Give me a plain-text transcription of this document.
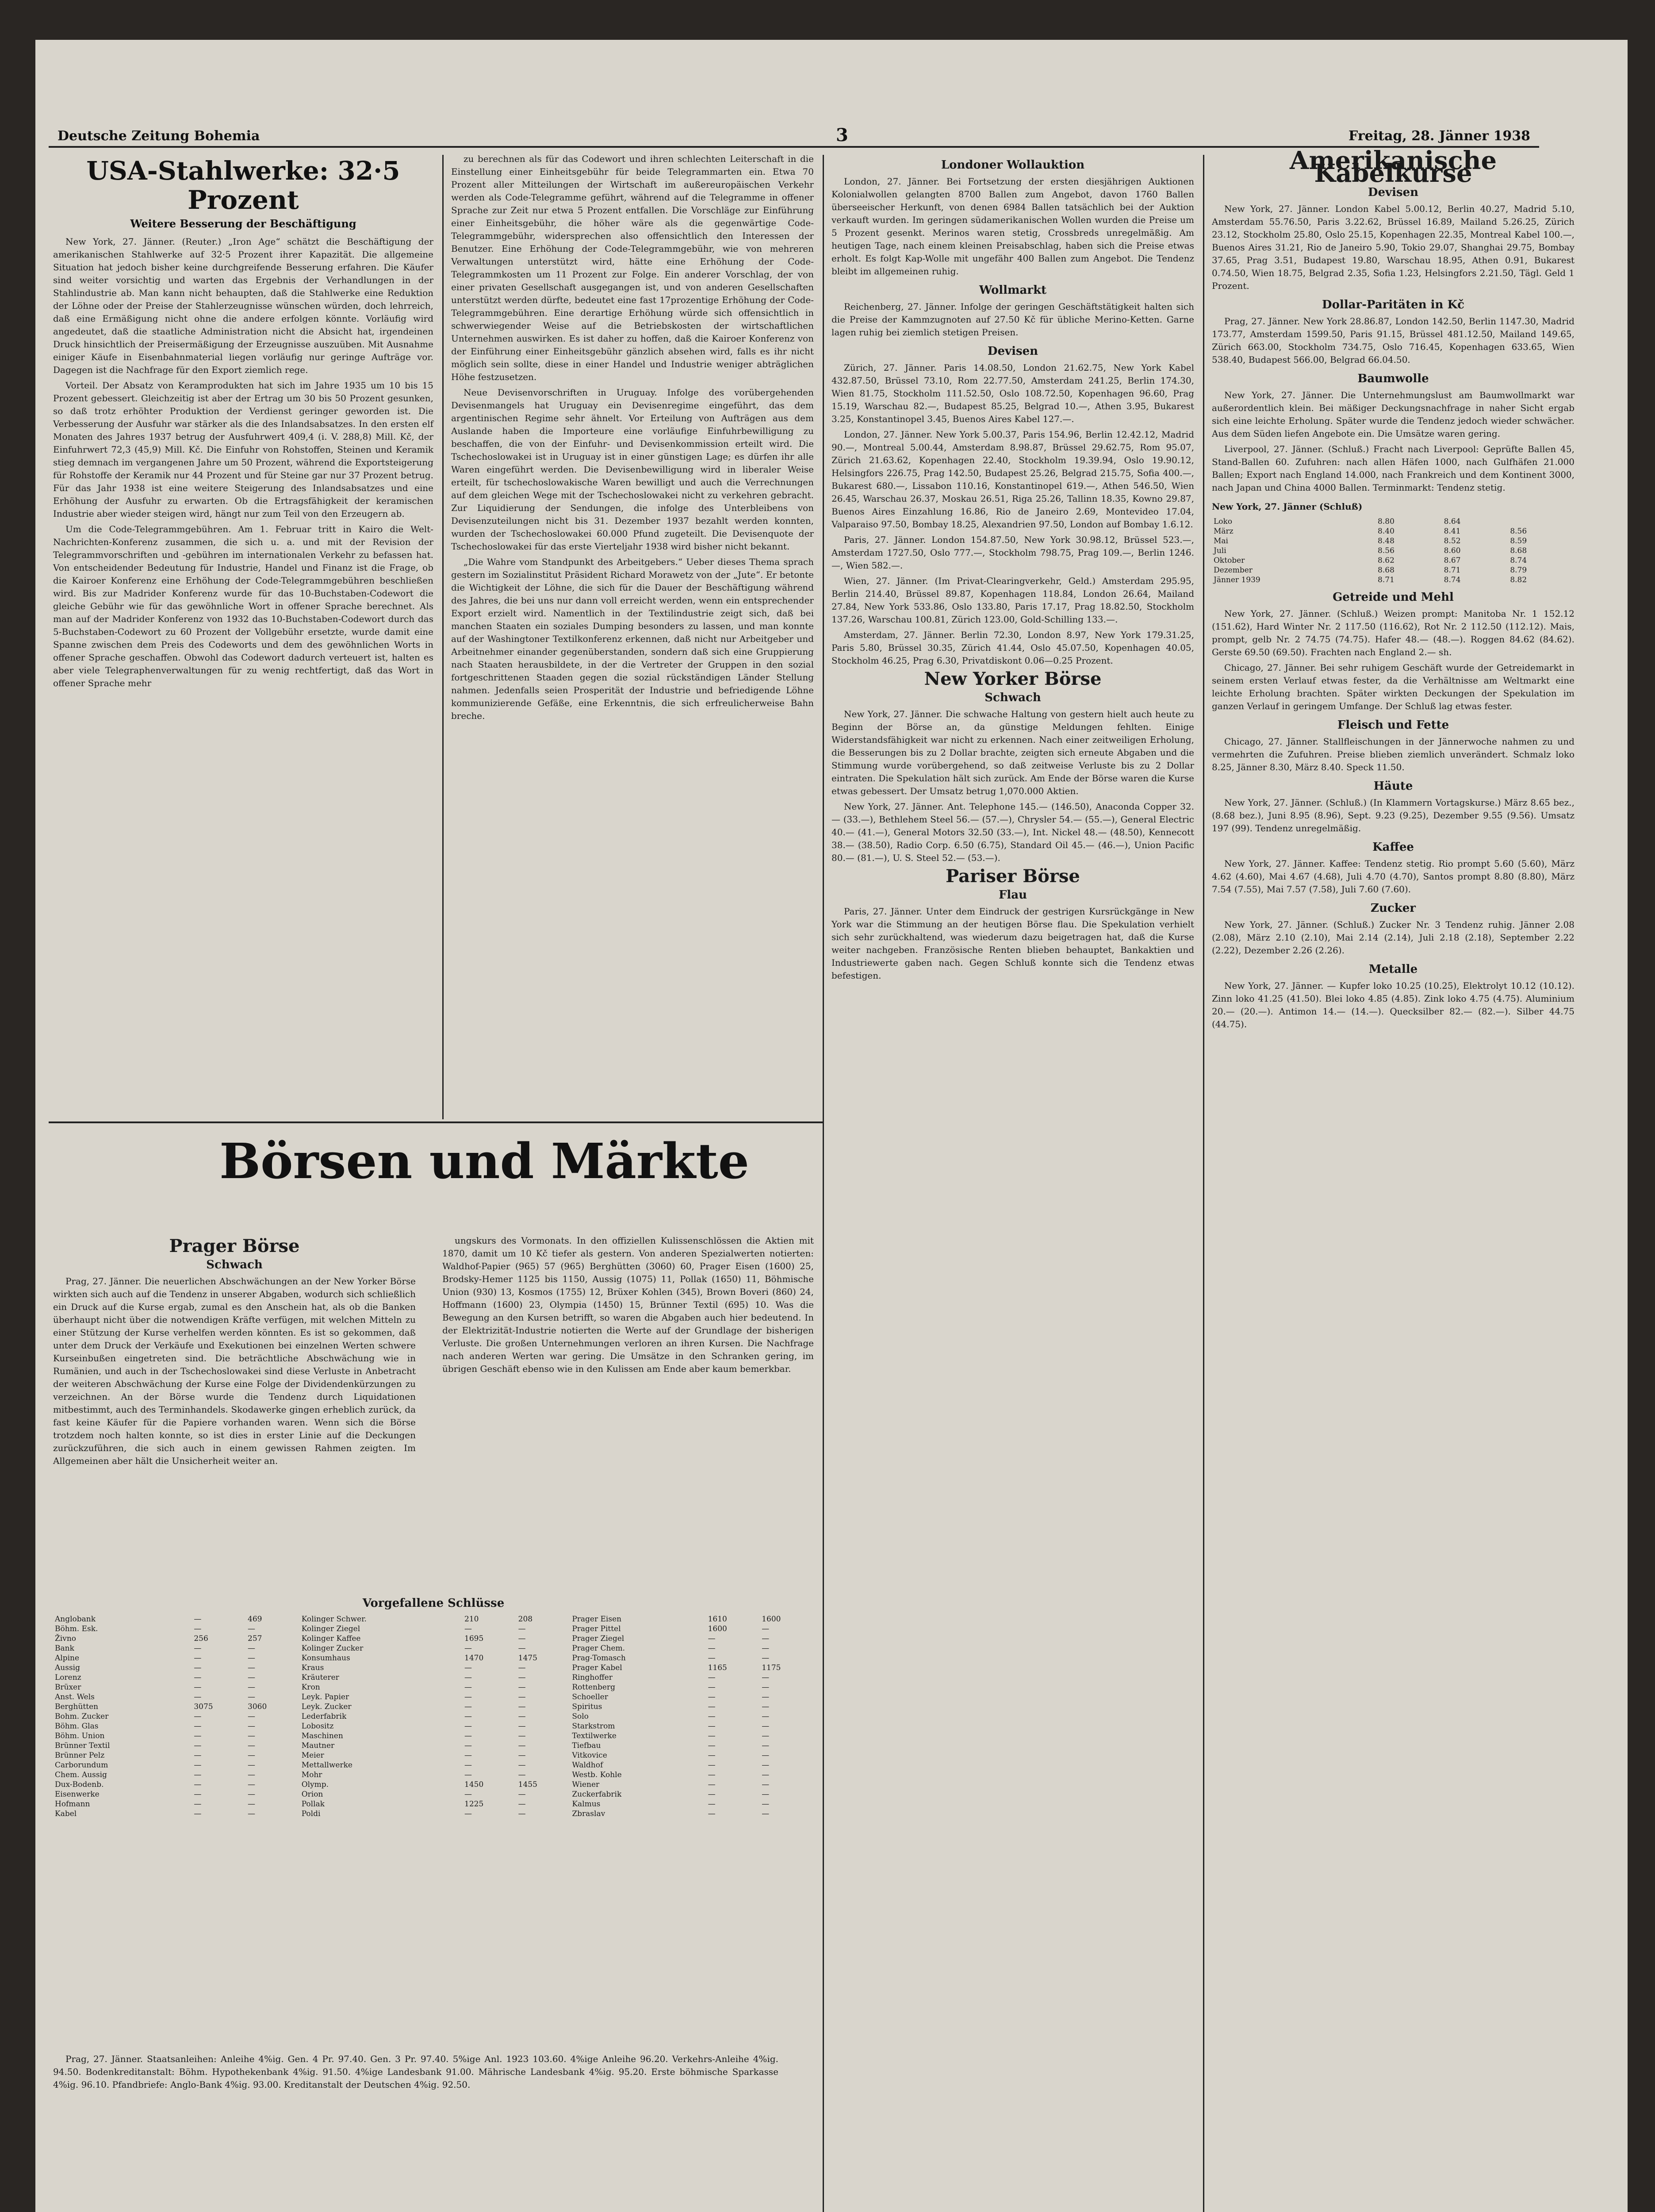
Deutsche Zeitung Bohemia	3	Freitag, 28. Jänner 1938
USA-Stahlwerke: 32·5 Prozent
Weitere Besserung der Beschäftigung

New York, 27. Jänner. (Reuter.) „Iron Age“ schätzt die Beschäftigung der amerikanischen Stahlwerke auf 32·5 Prozent ihrer Kapazität. Die allgemeine Situation hat jedoch bisher keine durchgreifende Besserung erfahren. Die Käufer sind weiter vorsichtig und warten das Ergebnis der Verhandlungen in der Stahlindustrie ab. Man kann nicht behaupten, daß die Stahlwerke eine Reduktion der Löhne oder der Preise der Stahlerzeugnisse wünschen würden, doch lehrreich, daß eine Ermäßigung nicht ohne die andere erfolgen könnte. Vorläufig wird angedeutet, daß die staatliche Administration nicht die Absicht hat, irgendeinen Druck hinsichtlich der Preisermäßigung der Erzeugnisse auszuüben. Mit Ausnahme einiger Käufe in Eisenbahnmaterial liegen vorläufig nur geringe Aufträge vor. Dagegen ist die Nachfrage für den Export ziemlich rege.

Vorteil. Der Absatz von Keramprodukten hat sich im Jahre 1935 um 10 bis 15 Prozent gebessert. Gleichzeitig ist aber der Ertrag um 30 bis 50 Prozent gesunken, so daß trotz erhöhter Produktion der Verdienst geringer geworden ist. Die Verbesserung der Ausfuhr war stärker als die des Inlandsabsatzes. In den ersten elf Monaten des Jahres 1937 betrug der Ausfuhrwert 409,4 (i. V. 288,8) Mill. Kč, der Einfuhrwert 72,3 (45,9) Mill. Kč. Die Einfuhr von Rohstoffen, Steinen und Keramik stieg demnach im vergangenen Jahre um 50 Prozent, während die Exportsteigerung für Rohstoffe der Keramik nur 44 Prozent und für Steine gar nur 37 Prozent betrug. Für das Jahr 1938 ist eine weitere Steigerung des Inlandsabsatzes und eine Erhöhung der Ausfuhr zu erwarten. Ob die Ertragsfähigkeit der keramischen Industrie aber wieder steigen wird, hängt nur zum Teil von den Erzeugern ab.

Um die Code-Telegrammgebühren. Am 1. Februar tritt in Kairo die Welt-Nachrichten-Konferenz zusammen, die sich u. a. und mit der Revision der Telegrammvorschriften und -gebühren im internationalen Verkehr zu befassen hat. Von entscheidender Bedeutung für Industrie, Handel und Finanz ist die Frage, ob die Kairoer Konferenz eine Erhöhung der Code-Telegrammgebühren beschließen wird. Bis zur Madrider Konferenz wurde für das 10-Buchstaben-Codewort die gleiche Gebühr wie für das gewöhnliche Wort in offener Sprache berechnet. Als man auf der Madrider Konferenz von 1932 das 10-Buchstaben-Codewort durch das 5-Buchstaben-Codewort zu 60 Prozent der Vollgebühr ersetzte, wurde damit eine Spanne zwischen dem Preis des Codeworts und dem des gewöhnlichen Worts in offener Sprache geschaffen. Obwohl das Codewort dadurch verteuert ist, halten es aber viele Telegraphenverwaltungen für zu wenig rechtfertigt, daß das Wort in offener Sprache mehr

zu berechnen als für das Codewort und ihren schlechten Leiterschaft in die Einstellung einer Einheitsgebühr für beide Telegrammarten ein. Etwa 70 Prozent aller Mitteilungen der Wirtschaft im außereuropäischen Verkehr werden als Code-Telegramme geführt, während auf die Telegramme in offener Sprache zur Zeit nur etwa 5 Prozent entfallen. Die Vorschläge zur Einführung einer Einheitsgebühr, die höher wäre als die gegenwärtige Code-Telegrammgebühr, widersprechen also offensichtlich den Interessen der Benutzer. Eine Erhöhung der Code-Telegrammgebühr, wie von mehreren Verwaltungen unterstützt wird, hätte eine Erhöhung der Code-Telegrammkosten um 11 Prozent zur Folge. Ein anderer Vorschlag, der von einer privaten Gesellschaft ausgegangen ist, und von anderen Gesellschaften unterstützt werden dürfte, bedeutet eine fast 17prozentige Erhöhung der Code-Telegrammgebühren. Eine derartige Erhöhung würde sich offensichtlich in schwerwiegender Weise auf die Betriebskosten der wirtschaftlichen Unternehmen auswirken. Es ist daher zu hoffen, daß die Kairoer Konferenz von der Einführung einer Einheitsgebühr gänzlich absehen wird, falls es ihr nicht möglich sein sollte, diese in einer Handel und Industrie weniger abträglichen Höhe festzusetzen.

Neue Devisenvorschriften in Uruguay. Infolge des vorübergehenden Devisenmangels hat Uruguay ein Devisenregime eingeführt, das dem argentinischen Regime sehr ähnelt. Vor Erteilung von Aufträgen aus dem Auslande haben die Importeure eine vorläufige Einfuhrbewilligung zu beschaffen, die von der Einfuhr- und Devisenkommission erteilt wird. Die Tschechoslowakei ist in Uruguay ist in einer günstigen Lage; es dürfen ihr alle Waren eingeführt werden. Die Devisenbewilligung wird in liberaler Weise erteilt, für tschechoslowakische Waren bewilligt und auch die Verrechnungen auf dem gleichen Wege mit der Tschechoslowakei nicht zu verkehren gebracht. Zur Liquidierung der Sendungen, die infolge des Unterbleibens von Devisenzuteilungen nicht bis 31. Dezember 1937 bezahlt werden konnten, wurden der Tschechoslowakei 60.000 Pfund zugeteilt. Die Devisenquote der Tschechoslowakei für das erste Vierteljahr 1938 wird bisher nicht bekannt.

„Die Wahre vom Standpunkt des Arbeitgebers.“ Ueber dieses Thema sprach gestern im Sozialinstitut Präsident Richard Morawetz von der „Jute“. Er betonte die Wichtigkeit der Löhne, die sich für die Dauer der Beschäftigung während des Jahres, die bei uns nur dann voll erreicht werden, wenn ein entsprechender Export erzielt wird. Namentlich in der Textilindustrie zeigt sich, daß bei manchen Staaten ein soziales Dumping besonders zu lassen, und man konnte auf der Washingtoner Textilkonferenz erkennen, daß nicht nur Arbeitgeber und Arbeitnehmer einander gegenüberstanden, sondern daß sich eine Gruppierung nach Staaten herausbildete, in der die Vertreter der Gruppen in den sozial fortgeschrittenen Staaden gegen die sozial rückständigen Länder Stellung nahmen. Jedenfalls seien Prosperität der Industrie und befriedigende Löhne kommunizierende Gefäße, eine Erkenntnis, die sich erfreulicherweise Bahn breche.

Börsen und Märkte
Prager Börse
Schwach

Prag, 27. Jänner. Die neuerlichen Abschwächungen an der New Yorker Börse wirkten sich auch auf die Tendenz in unserer Abgaben, wodurch sich schließlich ein Druck auf die Kurse ergab, zumal es den Anschein hat, als ob die Banken überhaupt nicht über die notwendigen Kräfte verfügen, mit welchen Mitteln zu einer Stützung der Kurse verhelfen werden könnten. Es ist so gekommen, daß unter dem Druck der Verkäufe und Exekutionen bei einzelnen Werten schwere Kurseinbußen eingetreten sind. Die beträchtliche Abschwächung wie in Rumänien, und auch in der Tschechoslowakei sind diese Verluste in Anbetracht der weiteren Abschwächung der Kurse eine Folge der Dividendenkürzungen zu verzeichnen. An der Börse wurde die Tendenz durch Liquidationen mitbestimmt, auch des Terminhandels. Skodawerke gingen erheblich zurück, da fast keine Käufer für die Papiere vorhanden waren. Wenn sich die Börse trotzdem noch halten konnte, so ist dies in erster Linie auf die Deckungen zurückzuführen, die sich auch in einem gewissen Rahmen zeigten. Im Allgemeinen aber hält die Unsicherheit weiter an.

ungskurs des Vormonats. In den offiziellen Kulissenschlössen die Aktien mit 1870, damit um 10 Kč tiefer als gestern. Von anderen Spezialwerten notierten: Waldhof-Papier (965) 57 (965) Berghütten (3060) 60, Prager Eisen (1600) 25, Brodsky-Hemer 1125 bis 1150, Aussig (1075) 11, Pollak (1650) 11, Böhmische Union (930) 13, Kosmos (1755) 12, Brüxer Kohlen (345), Brown Boveri (860) 24, Hoffmann (1600) 23, Olympia (1450) 15, Brünner Textil (695) 10. Was die Bewegung an den Kursen betrifft, so waren die Abgaben auch hier bedeutend. In der Elektrizität-Industrie notierten die Werte auf der Grundlage der bisherigen Verluste. Die großen Unternehmungen verloren an ihren Kursen. Die Nachfrage nach anderen Werten war gering. Die Umsätze in den Schranken gering, im übrigen Geschäft ebenso wie in den Kulissen am Ende aber kaum bemerkbar.

Vorgefallene Schlüsse
Anglobank	—	469	Kolinger Schwer.	210	208	Prager Eisen	1610	1600
Böhm. Esk.	—	—	Kolinger Ziegel	—	—	Prager Pittel	1600	—
Živno	256	257	Kolinger Kaffee	1695	—	Prager Ziegel	—	—
Bank	—	—	Kolinger Zucker	—	—	Prager Chem.	—	—
Alpine	—	—	Konsumhaus	1470	1475	Prag-Tomasch	—	—
Aussig	—	—	Kraus	—	—	Prager Kabel	1165	1175
Lorenz	—	—	Kräuterer	—	—	Ringhoffer	—	—
Brüxer	—	—	Kron	—	—	Rottenberg	—	—
Anst. Wels	—	—	Leyk. Papier	—	—	Schoeller	—	—
Berghütten	3075	3060	Leyk. Zucker	—	—	Spiritus	—	—
Bohm. Zucker	—	—	Lederfabrik	—	—	Solo	—	—
Böhm. Glas	—	—	Lobositz	—	—	Starkstrom	—	—
Böhm. Union	—	—	Maschinen	—	—	Textilwerke	—	—
Brünner Textil	—	—	Mautner	—	—	Tiefbau	—	—
Brünner Pelz	—	—	Meier	—	—	Vitkovice	—	—
Carborundum	—	—	Mettallwerke	—	—	Waldhof	—	—
Chem. Aussig	—	—	Mohr	—	—	Westb. Kohle	—	—
Dux-Bodenb.	—	—	Olymp.	1450	1455	Wiener	—	—
Eisenwerke	—	—	Orion	—	—	Zuckerfabrik	—	—
Hofmann	—	—	Pollak	1225	—	Kalmus	—	—
Kabel	—	—	Poldi	—	—	Zbraslav	—	—

Prag, 27. Jänner. Staatsanleihen: Anleihe 4%ig. Gen. 4 Pr. 97.40. Gen. 3 Pr. 97.40. 5%ige Anl. 1923 103.60. 4%ige Anleihe 96.20. Verkehrs-Anleihe 4%ig. 94.50. Bodenkreditanstalt: Böhm. Hypothekenbank 4%ig. 91.50. 4%ige Landesbank 91.00. Mährische Landesbank 4%ig. 95.20. Erste böhmische Sparkasse 4%ig. 96.10. Pfandbriefe: Anglo-Bank 4%ig. 93.00. Kreditanstalt der Deutschen 4%ig. 92.50.

Londoner Wollauktion

London, 27. Jänner. Bei Fortsetzung der ersten diesjährigen Auktionen Kolonialwollen gelangten 8700 Ballen zum Angebot, davon 1760 Ballen überseeischer Herkunft, von denen 6984 Ballen tatsächlich bei der Auktion verkauft wurden. Im geringen südamerikanischen Wollen wurden die Preise um 5 Prozent gesenkt. Merinos waren stetig, Crossbreds unregelmäßig. Am heutigen Tage, nach einem kleinen Preisabschlag, haben sich die Preise etwas erholt. Es folgt Kap-Wolle mit ungefähr 400 Ballen zum Angebot. Die Tendenz bleibt im allgemeinen ruhig.

Wollmarkt

Reichenberg, 27. Jänner. Infolge der geringen Geschäftstätigkeit halten sich die Preise der Kammzugnoten auf 27.50 Kč für übliche Merino-Ketten. Garne lagen ruhig bei ziemlich stetigen Preisen.

Devisen

Zürich, 27. Jänner. Paris 14.08.50, London 21.62.75, New York Kabel 432.87.50, Brüssel 73.10, Rom 22.77.50, Amsterdam 241.25, Berlin 174.30, Wien 81.75, Stockholm 111.52.50, Oslo 108.72.50, Kopenhagen 96.60, Prag 15.19, Warschau 82.—, Budapest 85.25, Belgrad 10.—, Athen 3.95, Bukarest 3.25, Konstantinopel 3.45, Buenos Aires Kabel 127.—.

London, 27. Jänner. New York 5.00.37, Paris 154.96, Berlin 12.42.12, Madrid 90.—, Montreal 5.00.44, Amsterdam 8.98.87, Brüssel 29.62.75, Rom 95.07, Zürich 21.63.62, Kopenhagen 22.40, Stockholm 19.39.94, Oslo 19.90.12, Helsingfors 226.75, Prag 142.50, Budapest 25.26, Belgrad 215.75, Sofia 400.—, Bukarest 680.—, Lissabon 110.16, Konstantinopel 619.—, Athen 546.50, Wien 26.45, Warschau 26.37, Moskau 26.51, Riga 25.26, Tallinn 18.35, Kowno 29.87, Buenos Aires Einzahlung 16.86, Rio de Janeiro 2.69, Montevideo 17.04, Valparaiso 97.50, Bombay 18.25, Alexandrien 97.50, London auf Bombay 1.6.12.

Paris, 27. Jänner. London 154.87.50, New York 30.98.12, Brüssel 523.—, Amsterdam 1727.50, Oslo 777.—, Stockholm 798.75, Prag 109.—, Berlin 1246.—, Wien 582.—.

Wien, 27. Jänner. (Im Privat-Clearingverkehr, Geld.) Amsterdam 295.95, Berlin 214.40, Brüssel 89.87, Kopenhagen 118.84, London 26.64, Mailand 27.84, New York 533.86, Oslo 133.80, Paris 17.17, Prag 18.82.50, Stockholm 137.26, Warschau 100.81, Zürich 123.00, Gold-Schilling 133.—.

Amsterdam, 27. Jänner. Berlin 72.30, London 8.97, New York 179.31.25, Paris 5.80, Brüssel 30.35, Zürich 41.44, Oslo 45.07.50, Kopenhagen 40.05, Stockholm 46.25, Prag 6.30, Privatdiskont 0.06—0.25 Prozent.

New Yorker Börse
Schwach

New York, 27. Jänner. Die schwache Haltung von gestern hielt auch heute zu Beginn der Börse an, da günstige Meldungen fehlten. Einige Widerstandsfähigkeit war nicht zu erkennen. Nach einer zeitweiligen Erholung, die Besserungen bis zu 2 Dollar brachte, zeigten sich erneute Abgaben und die Stimmung wurde vorübergehend, so daß zeitweise Verluste bis zu 2 Dollar eintraten. Die Spekulation hält sich zurück. Am Ende der Börse waren die Kurse etwas gebessert. Der Umsatz betrug 1,070.000 Aktien.

New York, 27. Jänner. Ant. Telephone 145.— (146.50), Anaconda Copper 32.— (33.—), Bethlehem Steel 56.— (57.—), Chrysler 54.— (55.—), General Electric 40.— (41.—), General Motors 32.50 (33.—), Int. Nickel 48.— (48.50), Kennecott 38.— (38.50), Radio Corp. 6.50 (6.75), Standard Oil 45.— (46.—), Union Pacific 80.— (81.—), U. S. Steel 52.— (53.—).

Pariser Börse
Flau

Paris, 27. Jänner. Unter dem Eindruck der gestrigen Kursrückgänge in New York war die Stimmung an der heutigen Börse flau. Die Spekulation verhielt sich sehr zurückhaltend, was wiederum dazu beigetragen hat, daß die Kurse weiter nachgeben. Französische Renten blieben behauptet, Bankaktien und Industriewerte gaben nach. Gegen Schluß konnte sich die Tendenz etwas befestigen.

Amerikanische Kabelkurse
Devisen

New York, 27. Jänner. London Kabel 5.00.12, Berlin 40.27, Madrid 5.10, Amsterdam 55.76.50, Paris 3.22.62, Brüssel 16.89, Mailand 5.26.25, Zürich 23.12, Stockholm 25.80, Oslo 25.15, Kopenhagen 22.35, Montreal Kabel 100.—, Buenos Aires 31.21, Rio de Janeiro 5.90, Tokio 29.07, Shanghai 29.75, Bombay 37.65, Prag 3.51, Budapest 19.80, Warschau 18.95, Athen 0.91, Bukarest 0.74.50, Wien 18.75, Belgrad 2.35, Sofia 1.23, Helsingfors 2.21.50, Tägl. Geld 1 Prozent.

Dollar-Paritäten in Kč

Prag, 27. Jänner. New York 28.86.87, London 142.50, Berlin 1147.30, Madrid 173.77, Amsterdam 1599.50, Paris 91.15, Brüssel 481.12.50, Mailand 149.65, Zürich 663.00, Stockholm 734.75, Oslo 716.45, Kopenhagen 633.65, Wien 538.40, Budapest 566.00, Belgrad 66.04.50.

Baumwolle

New York, 27. Jänner. Die Unternehmungslust am Baumwollmarkt war außerordentlich klein. Bei mäßiger Deckungsnachfrage in naher Sicht ergab sich eine leichte Erholung. Später wurde die Tendenz jedoch wieder schwächer. Aus dem Süden liefen Angebote ein. Die Umsätze waren gering.

Liverpool, 27. Jänner. (Schluß.) Fracht nach Liverpool: Geprüfte Ballen 45, Stand-Ballen 60. Zufuhren: nach allen Häfen 1000, nach Gulfhäfen 21.000 Ballen; Export nach England 14.000, nach Frankreich und dem Kontinent 3000, nach Japan und China 4000 Ballen. Terminmarkt: Tendenz stetig.

New York, 27. Jänner (Schluß)
Loko	8.80	8.64	
März	8.40	8.41	8.56
Mai	8.48	8.52	8.59
Juli	8.56	8.60	8.68
Oktober	8.62	8.67	8.74
Dezember	8.68	8.71	8.79
Jänner 1939	8.71	8.74	8.82
Getreide und Mehl

New York, 27. Jänner. (Schluß.) Weizen prompt: Manitoba Nr. 1 152.12 (151.62), Hard Winter Nr. 2 117.50 (116.62), Rot Nr. 2 112.50 (112.12). Mais, prompt, gelb Nr. 2 74.75 (74.75). Hafer 48.— (48.—). Roggen 84.62 (84.62). Gerste 69.50 (69.50). Frachten nach England 2.— sh.

Chicago, 27. Jänner. Bei sehr ruhigem Geschäft wurde der Getreidemarkt in seinem ersten Verlauf etwas fester, da die Verhältnisse am Weltmarkt eine leichte Erholung brachten. Später wirkten Deckungen der Spekulation im ganzen Verlauf in geringem Umfange. Der Schluß lag etwas fester.

Fleisch und Fette

Chicago, 27. Jänner. Stallfleischungen in der Jännerwoche nahmen zu und vermehrten die Zufuhren. Preise blieben ziemlich unverändert. Schmalz loko 8.25, Jänner 8.30, März 8.40. Speck 11.50.

Häute

New York, 27. Jänner. (Schluß.) (In Klammern Vortagskurse.) März 8.65 bez., (8.68 bez.), Juni 8.95 (8.96), Sept. 9.23 (9.25), Dezember 9.55 (9.56). Umsatz 197 (99). Tendenz unregelmäßig.

Kaffee

New York, 27. Jänner. Kaffee: Tendenz stetig. Rio prompt 5.60 (5.60), März 4.62 (4.60), Mai 4.67 (4.68), Juli 4.70 (4.70), Santos prompt 8.80 (8.80), März 7.54 (7.55), Mai 7.57 (7.58), Juli 7.60 (7.60).

Zucker

New York, 27. Jänner. (Schluß.) Zucker Nr. 3 Tendenz ruhig. Jänner 2.08 (2.08), März 2.10 (2.10), Mai 2.14 (2.14), Juli 2.18 (2.18), September 2.22 (2.22), Dezember 2.26 (2.26).

Metalle

New York, 27. Jänner. — Kupfer loko 10.25 (10.25), Elektrolyt 10.12 (10.12). Zinn loko 41.25 (41.50). Blei loko 4.85 (4.85). Zink loko 4.75 (4.75). Aluminium 20.— (20.—). Antimon 14.— (14.—). Quecksilber 82.— (82.—). Silber 44.75 (44.75).
